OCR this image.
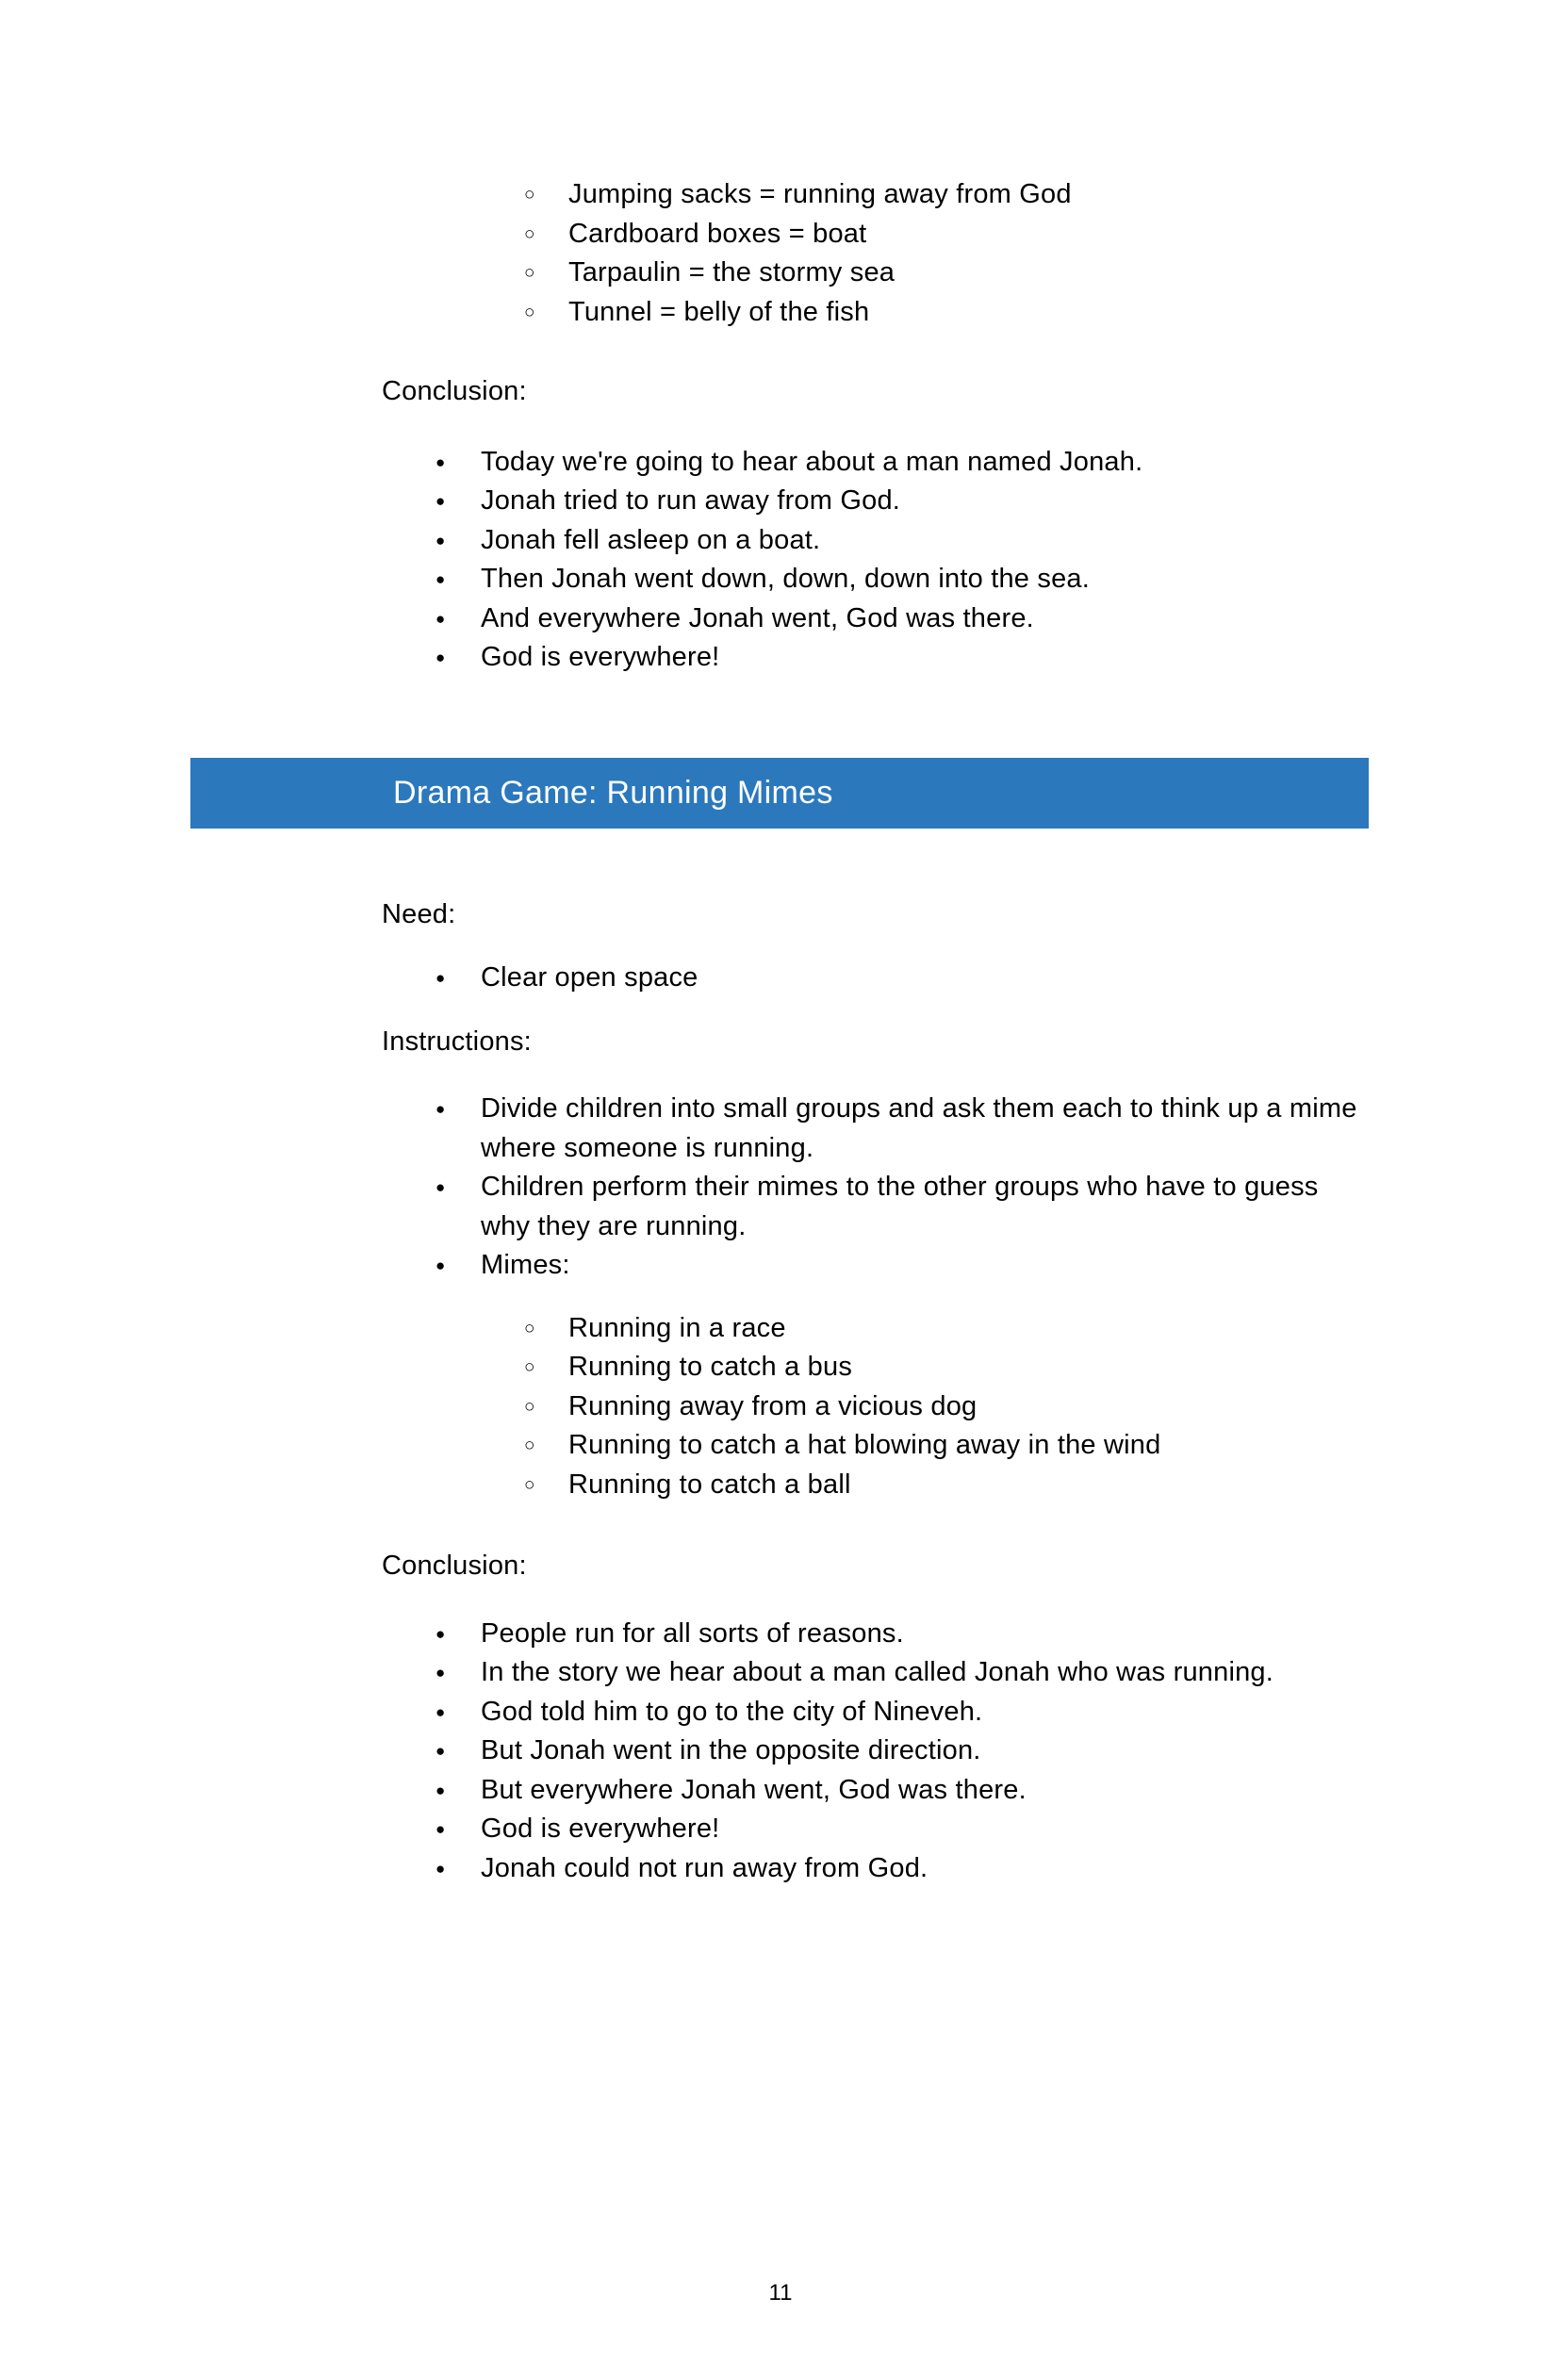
○ Jumping sacks = running away from God
○ Cardboard boxes = boat
○ Tarpaulin = the stormy sea
○ Tunnel = belly of the fish
Conclusion:
● Today we're going to hear about a man named Jonah.
● Jonah tried to run away from God.
● Jonah fell asleep on a boat.
● Then Jonah went down, down, down into the sea.
● And everywhere Jonah went, God was there.
● God is everywhere!
Drama Game: Running Mimes
Need:
● Clear open space
Instructions:
● Divide children into small groups and ask them each to think up a mime where someone is running.
● Children perform their mimes to the other groups who have to guess why they are running.
● Mimes:
○ Running in a race
○ Running to catch a bus
○ Running away from a vicious dog
○ Running to catch a hat blowing away in the wind
○ Running to catch a ball
Conclusion:
● People run for all sorts of reasons.
● In the story we hear about a man called Jonah who was running.
● God told him to go to the city of Nineveh.
● But Jonah went in the opposite direction.
● But everywhere Jonah went, God was there.
● God is everywhere!
● Jonah could not run away from God.
11
